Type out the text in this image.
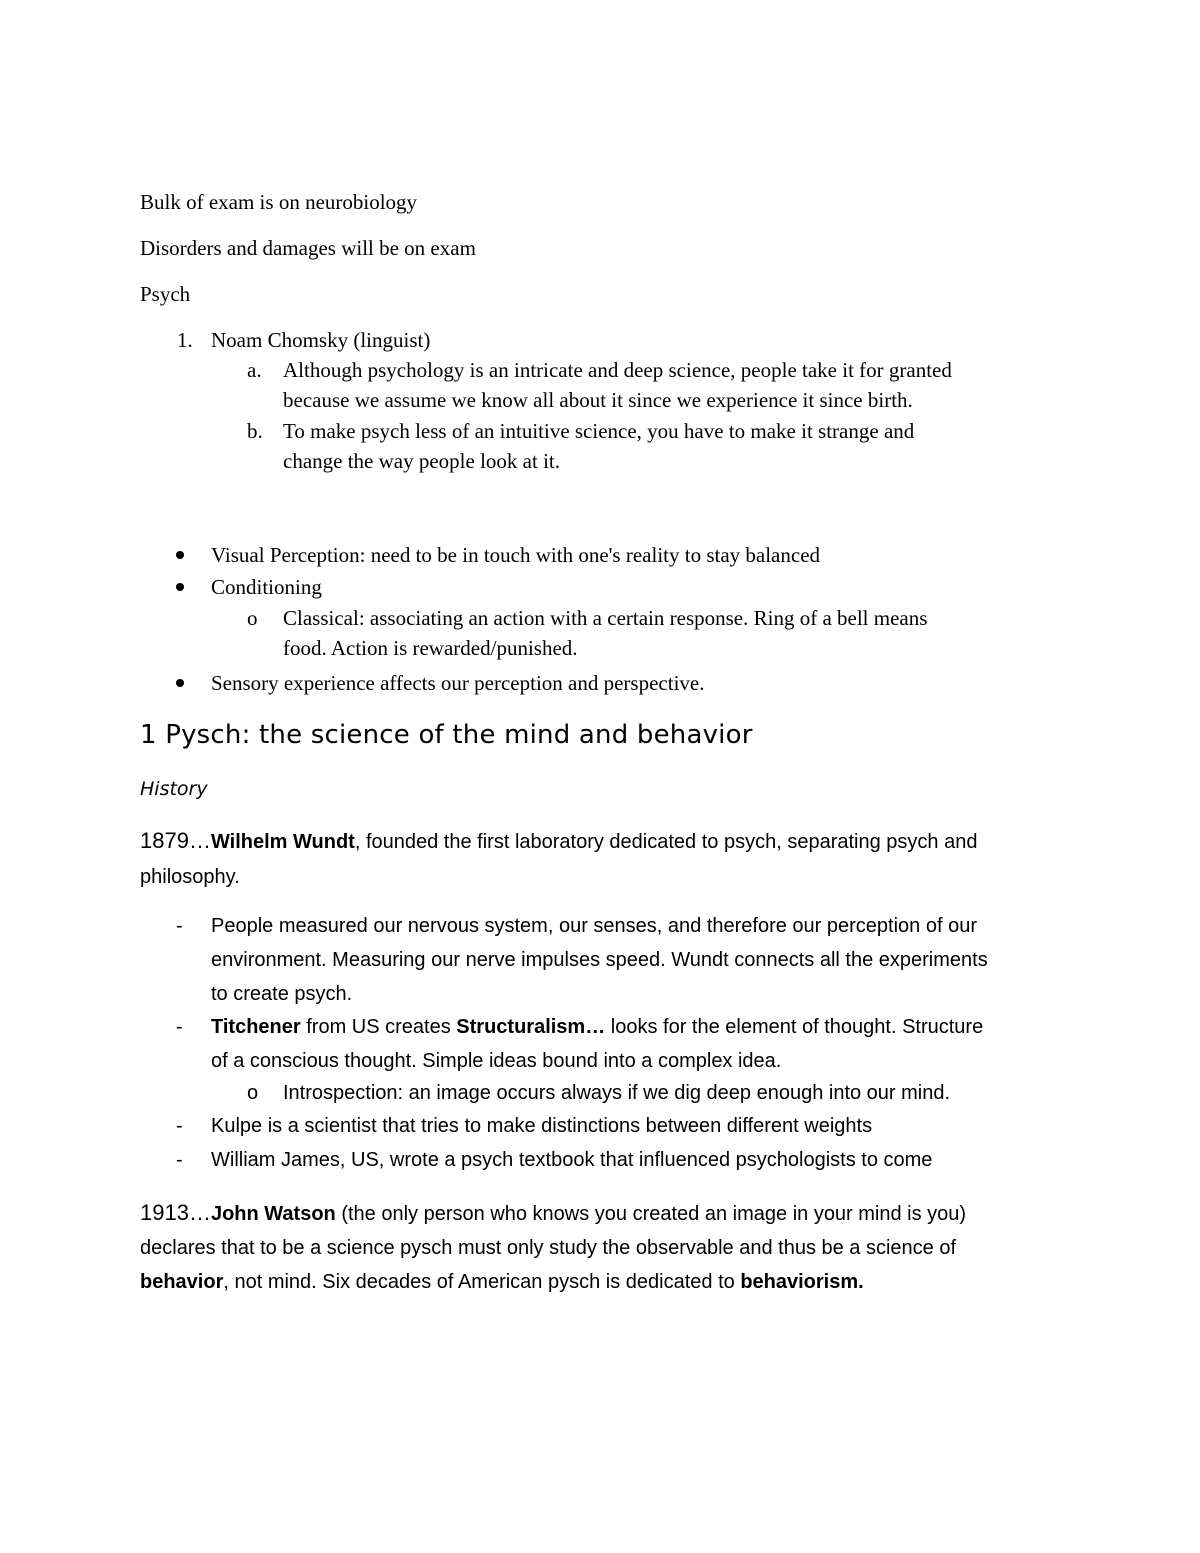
Bulk of exam is on neurobiology
Disorders and damages will be on exam
Psych
1. Noam Chomsky (linguist)
a. Although psychology is an intricate and deep science, people take it for granted
because we assume we know all about it since we experience it since birth.
b. To make psych less of an intuitive science, you have to make it strange and
change the way people look at it.
Visual Perception: need to be in touch with one's reality to stay balanced
Conditioning
o Classical: associating an action with a certain response. Ring of a bell means
food. Action is rewarded/punished.
Sensory experience affects our perception and perspective.
1 Pysch: the science of the mind and behavior
History
1879…Wilhelm Wundt, founded the first laboratory dedicated to psych, separating psych and
philosophy.
- People measured our nervous system, our senses, and therefore our perception of our
environment. Measuring our nerve impulses speed. Wundt connects all the experiments
to create psych.
- Titchener from US creates Structuralism… looks for the element of thought. Structure
of a conscious thought. Simple ideas bound into a complex idea.
o Introspection: an image occurs always if we dig deep enough into our mind.
- Kulpe is a scientist that tries to make distinctions between different weights
- William James, US, wrote a psych textbook that influenced psychologists to come
1913…John Watson (the only person who knows you created an image in your mind is you)
declares that to be a science pysch must only study the observable and thus be a science of
behavior, not mind. Six decades of American pysch is dedicated to behaviorism.
